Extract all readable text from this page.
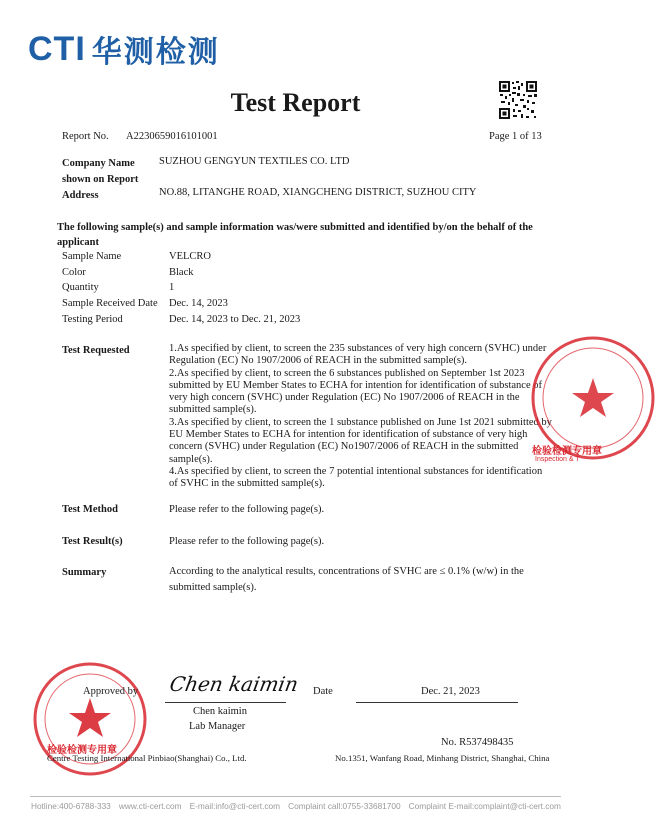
CTI 华测检测
Test Report
Report No. A2230659016101001	Page 1 of 13
Company Name
shown on Report
SUZHOU GENGYUN TEXTILES CO. LTD
Address	NO.88, LITANGHE ROAD, XIANGCHENG DISTRICT, SUZHOU CITY
The following sample(s) and sample information was/were submitted and identified by/on the behalf of the
applicant
Sample Name	VELCRO
Color	Black
Quantity	1
Sample Received Date Dec. 14, 2023
Testing Period	Dec. 14, 2023 to Dec. 21, 2023
Test Requested	1.As specified by client, to screen the 235 substances of very high concern (SVHC) under
Regulation (EC) No 1907/2006 of REACH in the submitted sample(s).
2.As specified by client, to screen the 6 substances published on September 1st 2023
submitted by EU Member States to ECHA for intention for identification of substance of
very high concern (SVHC) under Regulation (EC) No 1907/2006 of REACH in the
submitted sample(s).
3.As specified by client, to screen the 1 substance published on June 1st 2021 submitted by
EU Member States to ECHA for intention for identification of substance of very high
concern (SVHC) under Regulation (EC) No1907/2006 of REACH in the submitted
sample(s).
4.As specified by client, to screen the 7 potential intentional substances for identification
of SVHC in the submitted sample(s).
Test Method	Please refer to the following page(s).
Test Result(s)	Please refer to the following page(s).
Summary	According to the analytical results, concentrations of SVHC are ≤ 0.1% (w/w) in the
submitted sample(s).
检验检测专用章
Inspection & T
检验检测专用章
Approved by Chen kaimin
Chen kaimin
Lab Manager
Date	Dec. 21, 2023
No. R537498435
Centre Testing International Pinbiao(Shanghai) Co., Ltd.	No.1351, Wanfang Road, Minhang District, Shanghai, China
Hotline:400-6788-333 www.cti-cert.com E-mail:info@cti-cert.com Complaint call:0755-33681700 Complaint E-mail:complaint@cti-cert.com
